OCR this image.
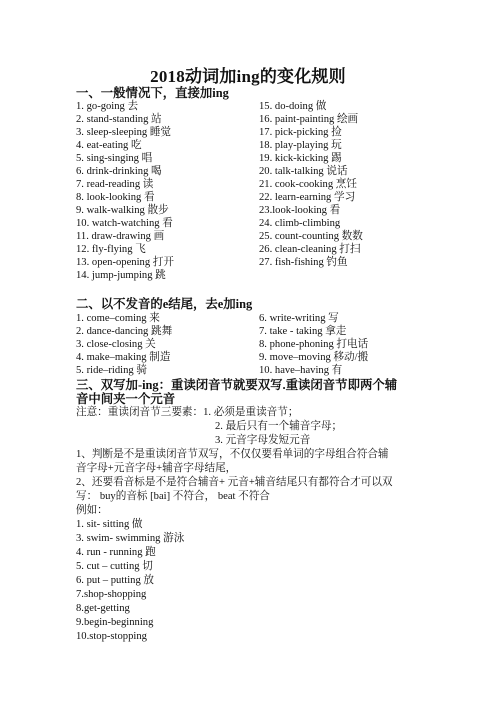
2018动词加ing的变化规则
一、一般情况下，直接加ing
1. go-going 去
2. stand-standing 站
3. sleep-sleeping 睡觉
4. eat-eating 吃
5. sing-singing 唱
6. drink-drinking 喝
7. read-reading 读
8. look-looking 看
9. walk-walking 散步
10. watch-watching 看
11. draw-drawing 画
12. fly-flying 飞
13. open-opening 打开
14. jump-jumping 跳
15. do-doing 做
16. paint-painting 绘画
17. pick-picking 捡
18. play-playing 玩
19. kick-kicking 踢
20. talk-talking 说话
21. cook-cooking 烹饪
22. learn-earning 学习
23.look-looking 看
24. climb-climbing
25. count-counting 数数
26. clean-cleaning 打扫
27. fish-fishing 钓鱼
二、以不发音的e结尾，去e加ing
1. come–coming 来
2. dance-dancing 跳舞
3. close-closing 关
4. make–making 制造
5. ride–riding 骑
6. write-writing 写
7. take - taking 拿走
8. phone-phoning 打电话
9. move–moving 移动/搬
10. have–having 有
三、双写加-ing：重读闭音节就要双写.重读闭音节即两个辅
音中间夹一个元音
注意：重读闭音节三要素：1. 必须是重读音节；
2. 最后只有一个辅音字母；
3. 元音字母发短元音
1、判断是不是重读闭音节双写，不仅仅要看单词的字母组合符合辅
音字母+元音字母+辅音字母结尾，
2、还要看音标是不是符合辅音+ 元音+辅音结尾只有都符合才可以双
写： buy的音标 [bai] 不符合， beat 不符合
例如：
1. sit- sitting 做
3. swim- swimming 游泳
4. run - running 跑
5. cut – cutting 切
6. put – putting 放
7.shop-shopping
8.get-getting
9.begin-beginning
10.stop-stopping
